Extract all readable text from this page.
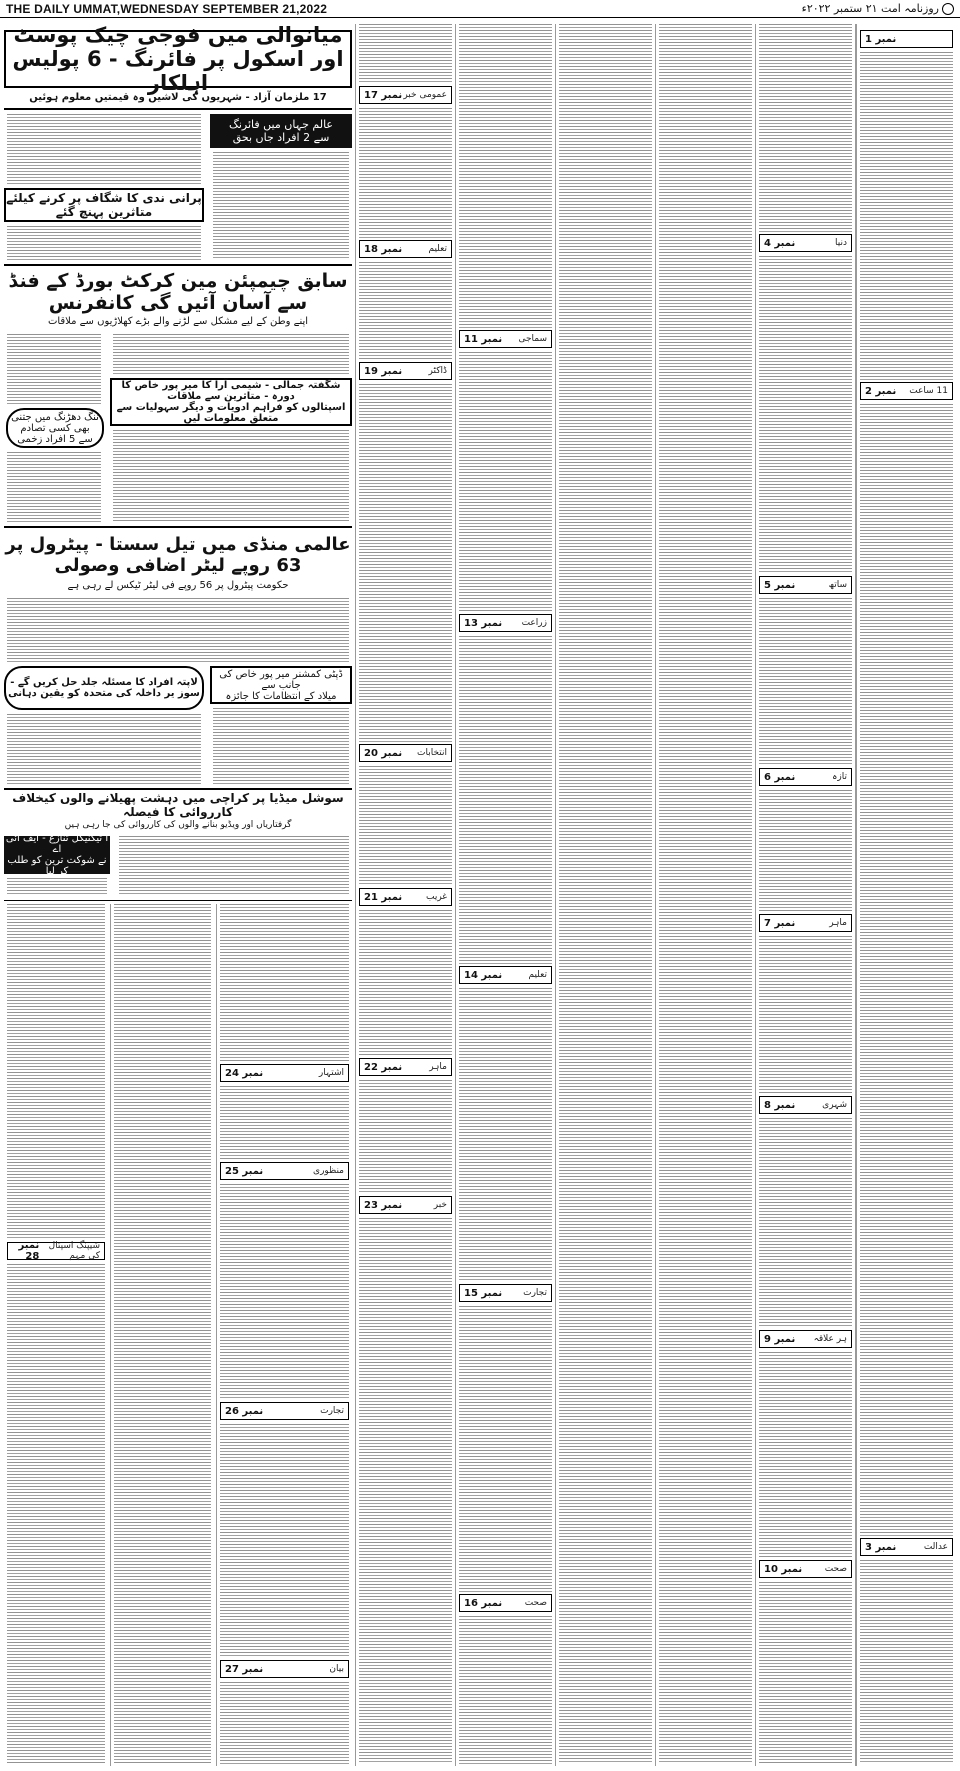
THE DAILY UMMAT,WEDNESDAY SEPTEMBER 21,2022	روزنامہ امت ۲۱ ستمبر ۲۰۲۲ء
میانوالی میں فوجی چیک پوسٹ اور اسکول پر فائرنگ - 6 پولیس اہلکار
17 ملزمان آزاد - شہریوں کی لاشیں وہ قیمتیں معلوم ہوئیں
عالم جہاں میں فائرنگ
سے 2 افراد جاں بحق
پرانی ندی کا شگاف پر کرنے کیلئے متاثرین پہنچ گئے
سابق چیمپئن مین کرکٹ بورڈ کے فنڈ سے آسان آئیں گی کانفرنس
اپنے وطن کے لیے مشکل سے لڑنے والے بڑے کھلاڑیوں سے ملاقات
ننگ دھڑنگ میں جتنی بھی کسی تصادم
سے 5 افراد زخمی
شگفتہ جمالی - شیمی آرا کا میر پور خاص کا دورہ - متاثرین سے ملاقات
اسپتالوں کو فراہم ادویات و دیگر سہولیات سے متعلق معلومات لیں
عالمی منڈی میں تیل سستا - پیٹرول پر 63 روپے لیٹر اضافی وصولی
حکومت پیٹرول پر 56 روپے فی لیٹر ٹیکس لے رہی ہے
لاپتہ افراد کا مسئلہ جلد حل کریں گے - سوز یر داخلہ کی متحدہ کو یقین دہانی
ڈپٹی کمشنر میر پور خاص کی جانب سے
میلاد کے انتظامات کا جائزہ
سوشل میڈیا پر کراچی میں دہشت پھیلانے والوں کیخلاف کارروائی کا فیصلہ
گرفتاریاں اور ویڈیو بنانے والوں کی کارروائی کی جا رہی ہیں
آ ٹیکنیکل تنازع - ایف آئی اے
نے شوکت ترین کو طلب کر لیا
نمبر 28
شیپنگ اسپتال کی مہم
نمبر 24	اشتہار
نمبر 25	منظوری
نمبر 26	تجارت
نمبر 27	بیان
نمبر 17 عمومی خبر
نمبر 18	تعلیم
نمبر 19	ڈاکٹر
نمبر 20 انتخابات
نمبر 21	غریب
نمبر 22	ماہر
نمبر 23	خبر
نمبر 11 سماجی
نمبر 13 زراعت
نمبر 14	تعلیم
نمبر 15 تجارت
نمبر 16	صحت
نمبر 4	دنیا
نمبر 5	ساتھ
نمبر 6	تازہ
نمبر 7	ماہر
نمبر 8	شہری
نمبر 9 ہر علاقہ
نمبر 10	صحت
نمبر 1
نمبر 2 11 ساعت
نمبر 3	عدالت
